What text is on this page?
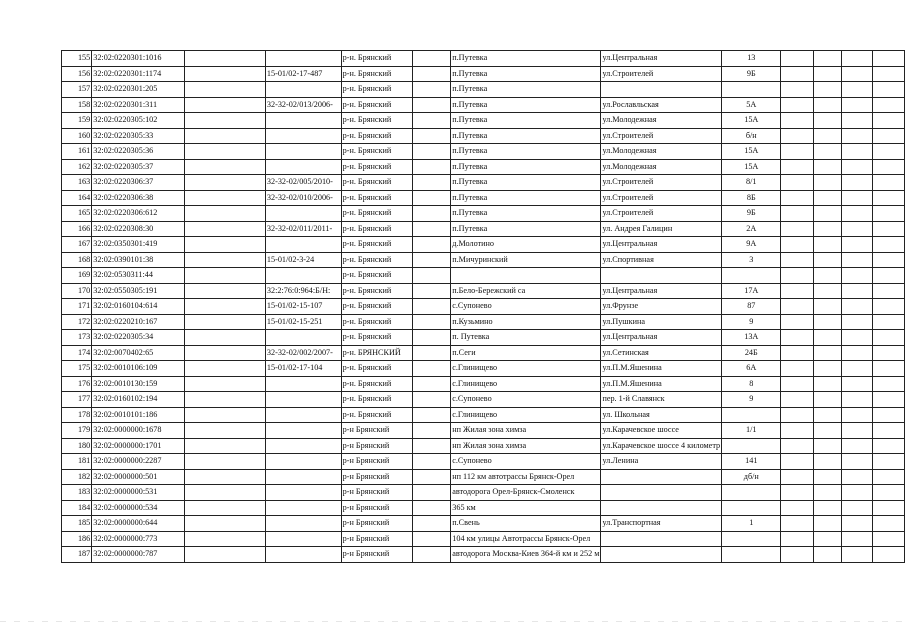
155	32:02:0220301:1016			р-н. Брянский		п.Путевка	ул.Центральная	13				
156	32:02:0220301:1174		15-01/02-17-487	р-н. Брянский		п.Путевка	ул.Строителей	9Б				
157	32:02:0220301:205			р-н. Брянский		п.Путевка						
158	32:02:0220301:311		32-32-02/013/2006-	р-н. Брянский		п.Путевка	ул.Рославльская	5А				
159	32:02:0220305:102			р-н. Брянский		п.Путевка	ул.Молодежная	15А				
160	32:02:0220305:33			р-н. Брянский		п.Путевка	ул.Строителей	б/н				
161	32:02:0220305:36			р-н. Брянский		п.Путевка	ул.Молодежная	15А				
162	32:02:0220305:37			р-н. Брянский		п.Путевка	ул.Молодежная	15А				
163	32:02:0220306:37		32-32-02/005/2010-	р-н. Брянский		п.Путевка	ул.Строителей	8/1				
164	32:02:0220306:38		32-32-02/010/2006-	р-н. Брянский		п.Путевка	ул.Строителей	8Б				
165	32:02:0220306:612			р-н. Брянский		п.Путевка	ул.Строителей	9Б				
166	32:02:0220308:30		32-32-02/011/2011-	р-н. Брянский		п.Путевка	ул. Андрея Галицин	2А				
167	32:02:0350301:419			р-н. Брянский		д.Молотино	ул.Центральная	9А				
168	32:02:0390101:38		15-01/02-3-24	р-н. Брянский		п.Мичуринский	ул.Спортивная	3				
169	32:02:0530311:44			р-н. Брянский								
170	32:02:0550305:191		32:2:76:0:964:Б/Н:	р-н. Брянский		п.Бело-Бережский са	ул.Центральная	17А				
171	32:02:0160104:614		15-01/02-15-107	р-н. Брянский		с.Супонево	ул.Фрунзе	87				
172	32:02:0220210:167		15-01/02-15-251	р-н. Брянский		п.Кузьмино	ул.Пушкина	9				
173	32:02:0220305:34			р-н. Брянский		п. Путевка	ул.Центральная	13А				
174	32:02:0070402:65		32-32-02/002/2007-	р-н. БРЯНСКИЙ		п.Сеги	ул.Сетинская	24Б				
175	32:02:0010106:109		15-01/02-17-104	р-н. Брянский		с.Глинищево	ул.П.М.Яшенина	6А				
176	32:02:0010130:159			р-н. Брянский		с.Глинищево	ул.П.М.Яшенина	8				
177	32:02:0160102:194			р-н. Брянский		с.Супонево	пер. 1-й Славянск	9				
178	32:02:0010101:186			р-н. Брянский		с.Глинищево	ул. Школьная					
179	32:02:0000000:1678			р-н Брянский		нп Жилая зона химза	ул.Карачевское шоссе	1/1				
180	32:02:0000000:1701			р-н Брянский		нп Жилая зона химза	ул.Карачевское шоссе 4 километр					
181	32:02:0000000:2287			р-н Брянский		с.Супонево	ул.Ленина	141				
182	32:02:0000000:501			р-н Брянский		нп 112 км автотрассы Брянск-Орел		дб/н				
183	32:02:0000000:531			р-н Брянский		автодорога Орел-Брянск-Смоленск						
184	32:02:0000000:534			р-н Брянский		365 км						
185	32:02:0000000:644			р-н Брянский		п.Свень	ул.Транспортная	1				
186	32:02:0000000:773			р-н Брянский		104 км улицы Автотрассы Брянск-Орел						
187	32:02:0000000:787			р-н Брянский		автодорога Москва-Киев 364-й км и 252 м						
